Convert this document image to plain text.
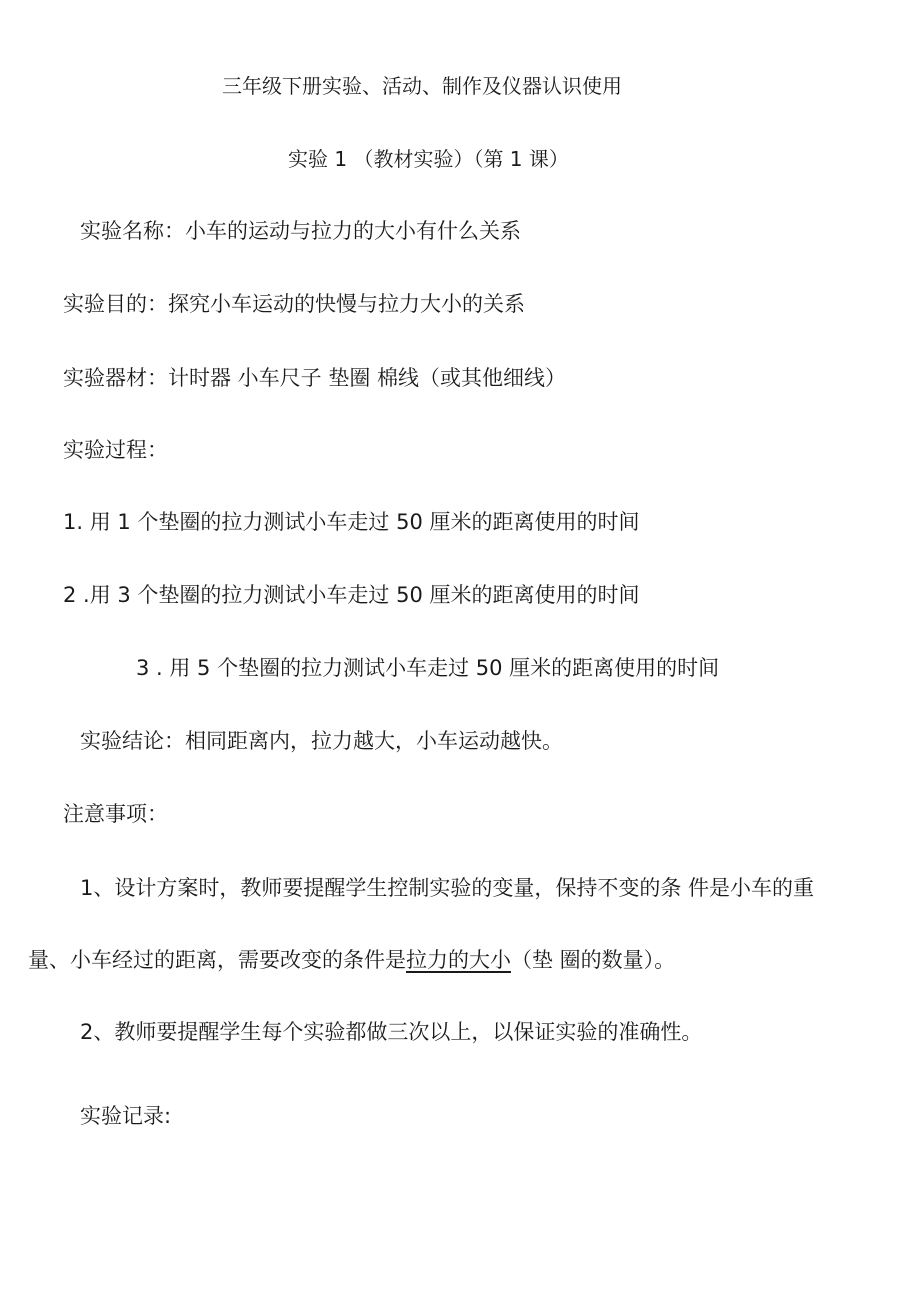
三年级下册实验、活动、制作及仪器认识使用
实验 1 （教材实验）（第 1 课）
实验名称：小车的运动与拉力的大小有什么关系
实验目的：探究小车运动的快慢与拉力大小的关系
实验器材：计时器 小车尺子 垫圈 棉线（或其他细线）
实验过程：
1. 用 1 个垫圈的拉力测试小车走过 50 厘米的距离使用的时间
2 .用 3 个垫圈的拉力测试小车走过 50 厘米的距离使用的时间
3 . 用 5 个垫圈的拉力测试小车走过 50 厘米的距离使用的时间
实验结论：相同距离内，拉力越大，小车运动越快。
注意事项：
1、设计方案时，教师要提醒学生控制实验的变量，保持不变的条 件是小车的重
量、小车经过的距离，需要改变的条件是拉力的大小（垫 圈的数量）。
2、教师要提醒学生每个实验都做三次以上，以保证实验的准确性。
实验记录:
